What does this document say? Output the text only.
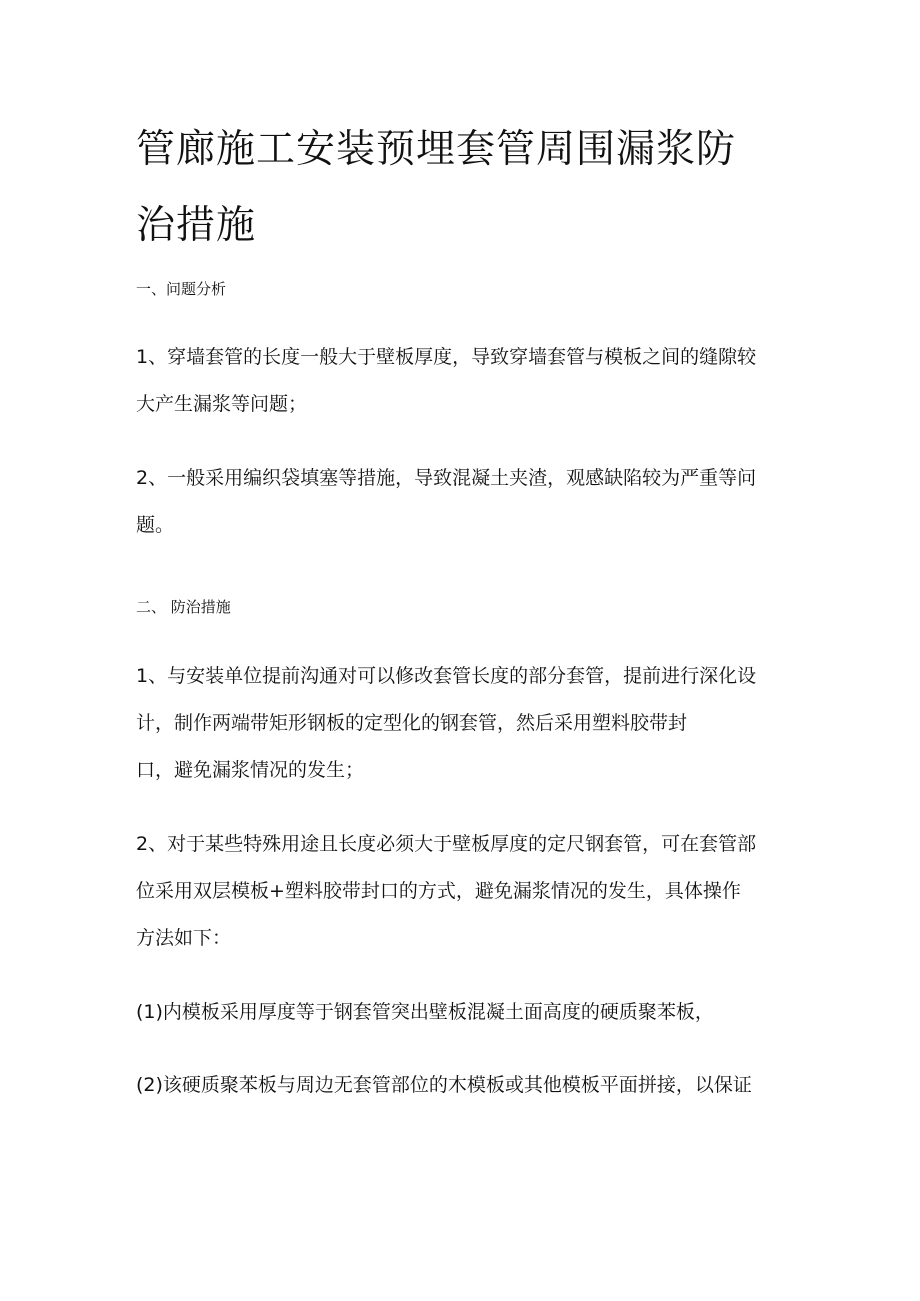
管廊施工安装预埋套管周围漏浆防
治措施

一、问题分析

1、穿墙套管的长度一般大于壁板厚度，导致穿墙套管与模板之间的缝隙较
大产生漏浆等问题；

2、一般采用编织袋填塞等措施，导致混凝土夹渣，观感缺陷较为严重等问
题。

二、 防治措施

1、与安装单位提前沟通对可以修改套管长度的部分套管，提前进行深化设
计，制作两端带矩形钢板的定型化的钢套管，然后采用塑料胶带封
口，避免漏浆情况的发生；

2、对于某些特殊用途且长度必须大于壁板厚度的定尺钢套管，可在套管部
位采用双层模板+塑料胶带封口的方式，避免漏浆情况的发生，具体操作
方法如下：

(1)内模板采用厚度等于钢套管突出壁板混凝土面高度的硬质聚苯板，

(2)该硬质聚苯板与周边无套管部位的木模板或其他模板平面拼接，以保证
